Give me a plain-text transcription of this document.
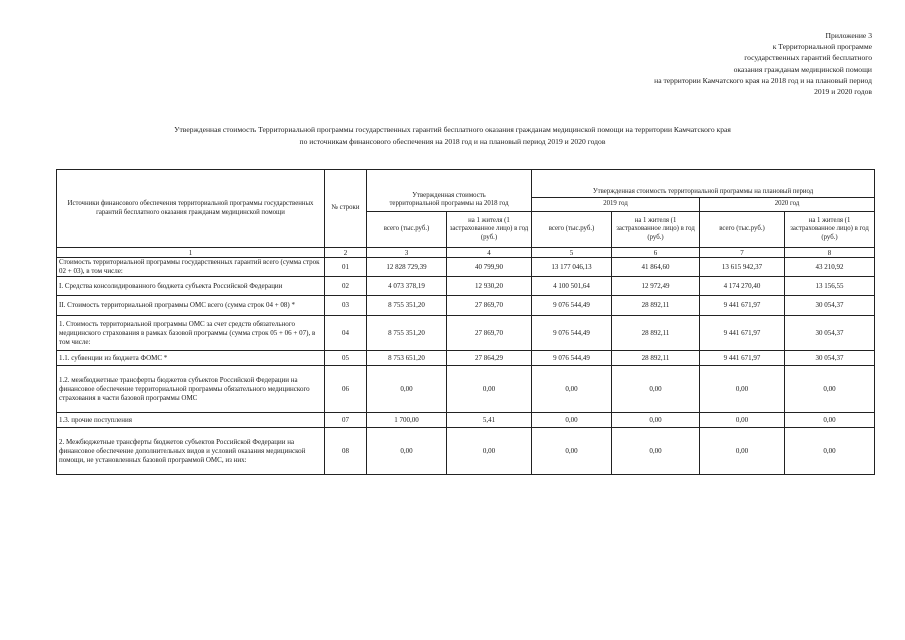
Приложение 3
к Территориальной программе
государственных гарантий бесплатного
оказания гражданам медицинской помощи
на территории Камчатского края на 2018 год и на плановый период
2019 и 2020 годов
Утвержденная стоимость Территориальной программы государственных гарантий бесплатного оказания гражданам медицинской помощи на территории Камчатского края
по источникам финансового обеспечения на 2018 год и на плановый период 2019 и 2020 годов
Источники финансового обеспечения территориальной программы государственных гарантий бесплатного оказания гражданам медицинской помощи	№ строки	Утвержденная стоимость территориальной программы на 2018 год		Утвержденная стоимость территориальной программы на плановый период			
				2019 год		2020 год	
		всего (тыс.руб.)	на 1 жителя (1 застрахованное лицо) в год (руб.)	всего (тыс.руб.)	на 1 жителя (1 застрахованное лицо) в год (руб.)	всего (тыс.руб.)	на 1 жителя (1 застрахованное лицо) в год (руб.)
1	2	3	4	5	6	7	8
Стоимость территориальной программы государственных гарантий всего (сумма строк 02 + 03), в том числе:	01	12 828 729,39	40 799,90	13 177 046,13	41 864,60	13 615 942,37	43 210,92
I. Средства консолидированного бюджета субъекта Российской Федерации	02	4 073 378,19	12 930,20	4 100 501,64	12 972,49	4 174 270,40	13 156,55
II. Стоимость территориальной программы ОМС всего (сумма строк 04 + 08) *	03	8 755 351,20	27 869,70	9 076 544,49	28 892,11	9 441 671,97	30 054,37
1. Стоимость территориальной программы ОМС за счет средств обязательного медицинского страхования в рамках базовой программы (сумма строк 05 + 06 + 07), в том числе:	04	8 755 351,20	27 869,70	9 076 544,49	28 892,11	9 441 671,97	30 054,37
1.1. субвенции из бюджета ФОМС *	05	8 753 651,20	27 864,29	9 076 544,49	28 892,11	9 441 671,97	30 054,37
1.2. межбюджетные трансферты бюджетов субъектов Российской Федерации на финансовое обеспечение территориальной программы обязательного медицинского страхования в части базовой программы ОМС	06	0,00	0,00	0,00	0,00	0,00	0,00
1.3. прочие поступления	07	1 700,00	5,41	0,00	0,00	0,00	0,00
2. Межбюджетные трансферты бюджетов субъектов Российской Федерации на финансовое обеспечение дополнительных видов и условий оказания медицинской помощи, не установленных базовой программой ОМС, из них:	08	0,00	0,00	0,00	0,00	0,00	0,00
